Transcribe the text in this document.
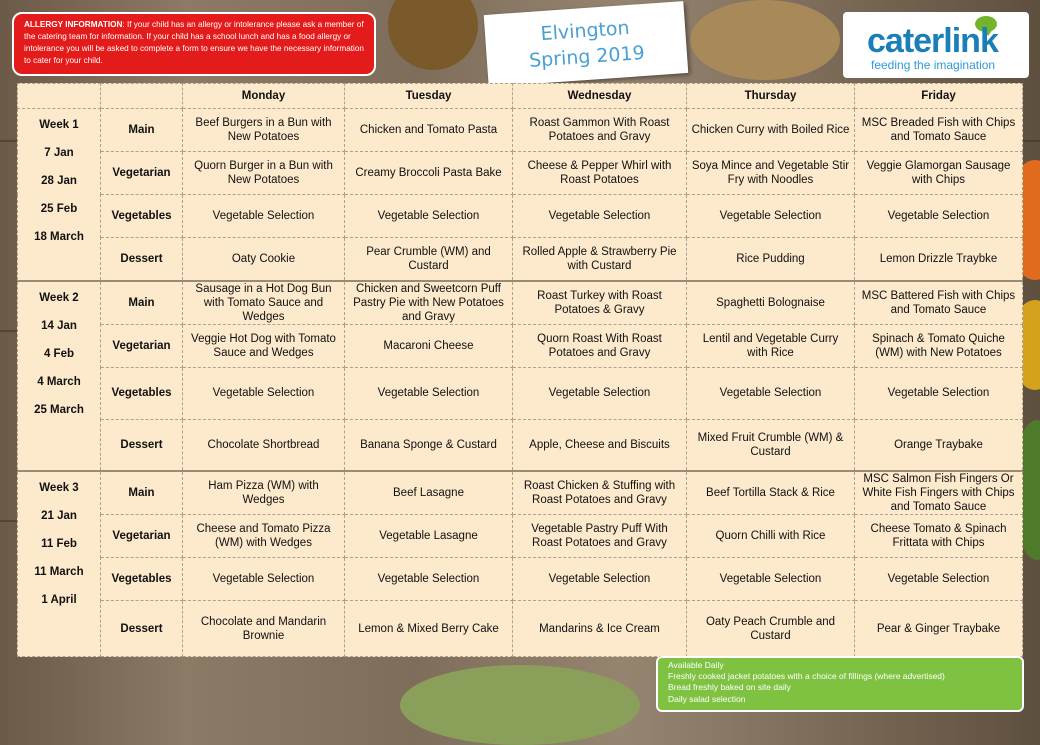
ALLERGY INFORMATION: If your child has an allergy or intolerance please ask a member of the catering team for information. If your child has a school lunch and has a food allergy or intolerance you will be asked to complete a form to ensure we have the necessary information to cater for your child.
Elvington
Spring 2019	caterlink
feeding the imagination
		Monday	Tuesday	Wednesday	Thursday	Friday

Week 1
7 Jan
28 Jan
25 Feb
18 March	Main	Beef Burgers in a Bun with New Potatoes	Chicken and Tomato Pasta	Roast Gammon With Roast Potatoes and Gravy	Chicken Curry with Boiled Rice	MSC Breaded Fish with Chips and Tomato Sauce
	Vegetarian	Quorn Burger in a Bun with New Potatoes	Creamy Broccoli Pasta Bake	Cheese & Pepper Whirl with Roast Potatoes	Soya Mince and Vegetable Stir Fry with Noodles	Veggie Glamorgan Sausage with Chips
	Vegetables	Vegetable Selection	Vegetable Selection	Vegetable Selection	Vegetable Selection	Vegetable Selection
	Dessert	Oaty Cookie	Pear Crumble (WM) and Custard	Rolled Apple & Strawberry Pie with Custard	Rice Pudding	Lemon Drizzle Traybke

Week 2
14 Jan
4 Feb
4 March
25 March	Main	Sausage in a Hot Dog Bun with Tomato Sauce and Wedges	Chicken and Sweetcorn Puff Pastry Pie with New Potatoes and Gravy	Roast Turkey with Roast Potatoes & Gravy	Spaghetti Bolognaise	MSC Battered Fish with Chips and Tomato Sauce
	Vegetarian	Veggie Hot Dog with Tomato Sauce and Wedges	Macaroni Cheese	Quorn Roast With Roast Potatoes and Gravy	Lentil and Vegetable Curry with Rice	Spinach & Tomato Quiche (WM) with New Potatoes
	Vegetables	Vegetable Selection	Vegetable Selection	Vegetable Selection	Vegetable Selection	Vegetable Selection
	Dessert	Chocolate Shortbread	Banana Sponge & Custard	Apple, Cheese and Biscuits	Mixed Fruit Crumble (WM) & Custard	Orange Traybake

Week 3
21 Jan
11 Feb
11 March
1 April	Main	Ham Pizza (WM) with Wedges	Beef Lasagne	Roast Chicken & Stuffing with Roast Potatoes and Gravy	Beef Tortilla Stack & Rice	MSC Salmon Fish Fingers Or White Fish Fingers with Chips and Tomato Sauce
	Vegetarian	Cheese and Tomato Pizza (WM) with Wedges	Vegetable Lasagne	Vegetable Pastry Puff With Roast Potatoes and Gravy	Quorn Chilli with Rice	Cheese Tomato & Spinach Frittata with Chips
	Vegetables	Vegetable Selection	Vegetable Selection	Vegetable Selection	Vegetable Selection	Vegetable Selection
	Dessert	Chocolate and Mandarin Brownie	Lemon & Mixed Berry Cake	Mandarins & Ice Cream	Oaty Peach Crumble and Custard	Pear & Ginger Traybake
Available Daily
Freshly cooked jacket potatoes with a choice of fillings (where advertised)
Bread freshly baked on site daily
Daily salad selection
